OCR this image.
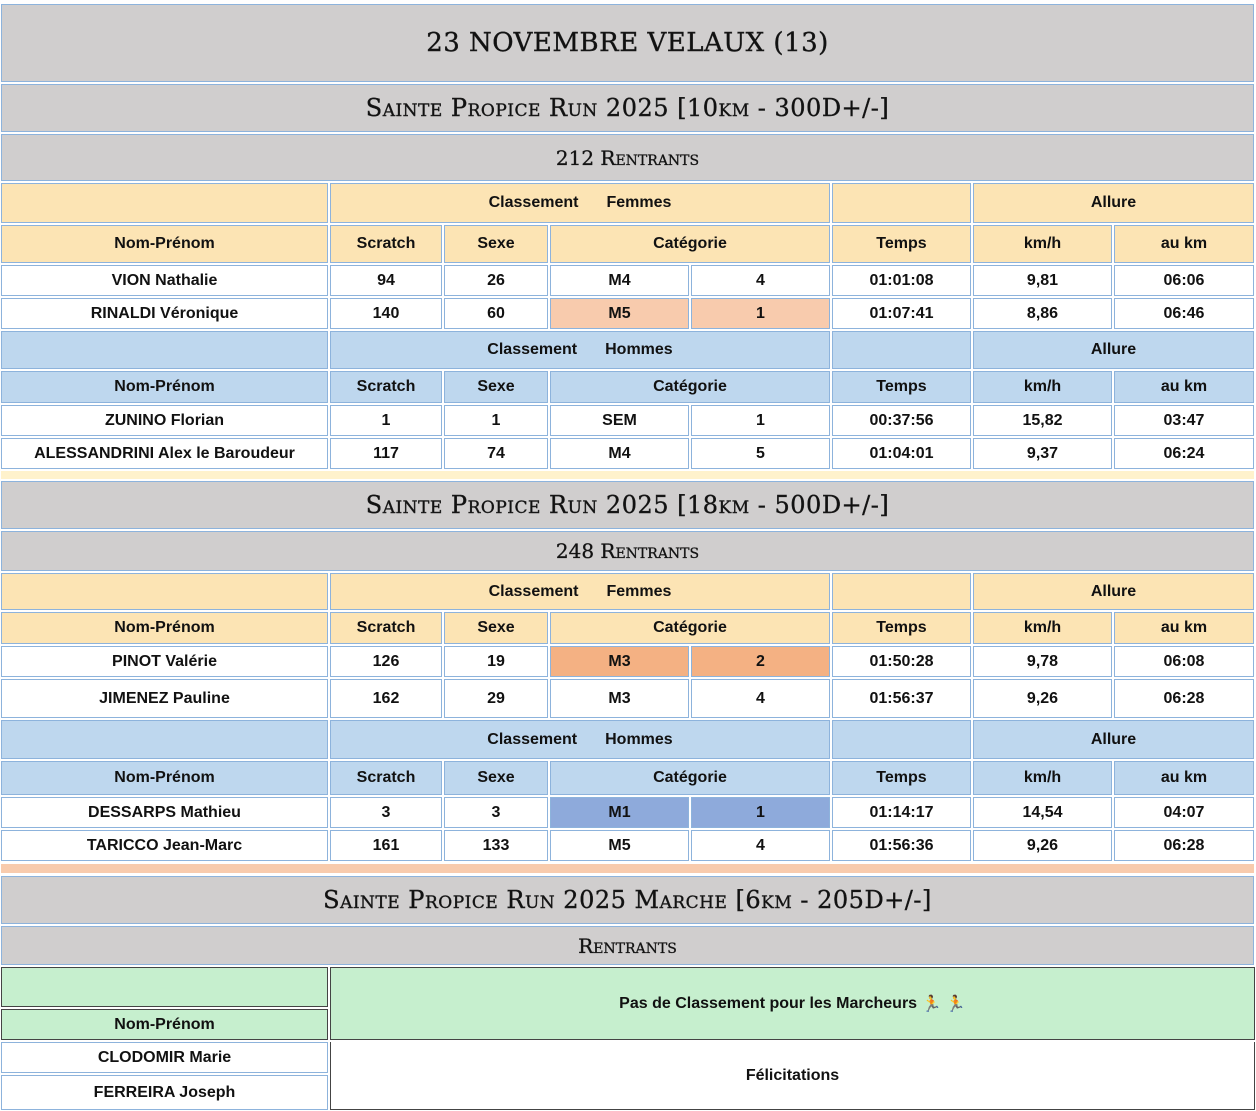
23 NOVEMBRE VELAUX (13)
Sainte Propice Run 2025 [10km - 300D+/-]
212 Rentrants
Classement Femmes	Allure
Nom-Prénom	Scratch	Sexe	Catégorie	Temps	km/h	au km
VION Nathalie	94	26	M4	4	01:01:08	9,81	06:06
RINALDI Véronique	140	60	M5	1	01:07:41	8,86	06:46
Classement Hommes	Allure
Nom-Prénom	Scratch	Sexe	Catégorie	Temps	km/h	au km
ZUNINO Florian	1	1	SEM	1	00:37:56	15,82	03:47
ALESSANDRINI Alex le Baroudeur	117	74	M4	5	01:04:01	9,37	06:24
Sainte Propice Run 2025 [18km - 500D+/-]
248 Rentrants
Classement Femmes	Allure
Nom-Prénom	Scratch	Sexe	Catégorie	Temps	km/h	au km
PINOT Valérie	126	19	M3	2	01:50:28	9,78	06:08
JIMENEZ Pauline	162	29	M3	4	01:56:37	9,26	06:28
Classement Hommes	Allure
Nom-Prénom	Scratch	Sexe	Catégorie	Temps	km/h	au km
DESSARPS Mathieu	3	3	M1	1	01:14:17	14,54	04:07
TARICCO Jean-Marc	161	133	M5	4	01:56:36	9,26	06:28
Sainte Propice Run 2025 Marche [6km - 205D+/-]
Rentrants
Nom-Prénom
Pas de Classement pour les Marcheurs
🏃 🏃
CLODOMIR Marie
FERREIRA Joseph
Félicitations
